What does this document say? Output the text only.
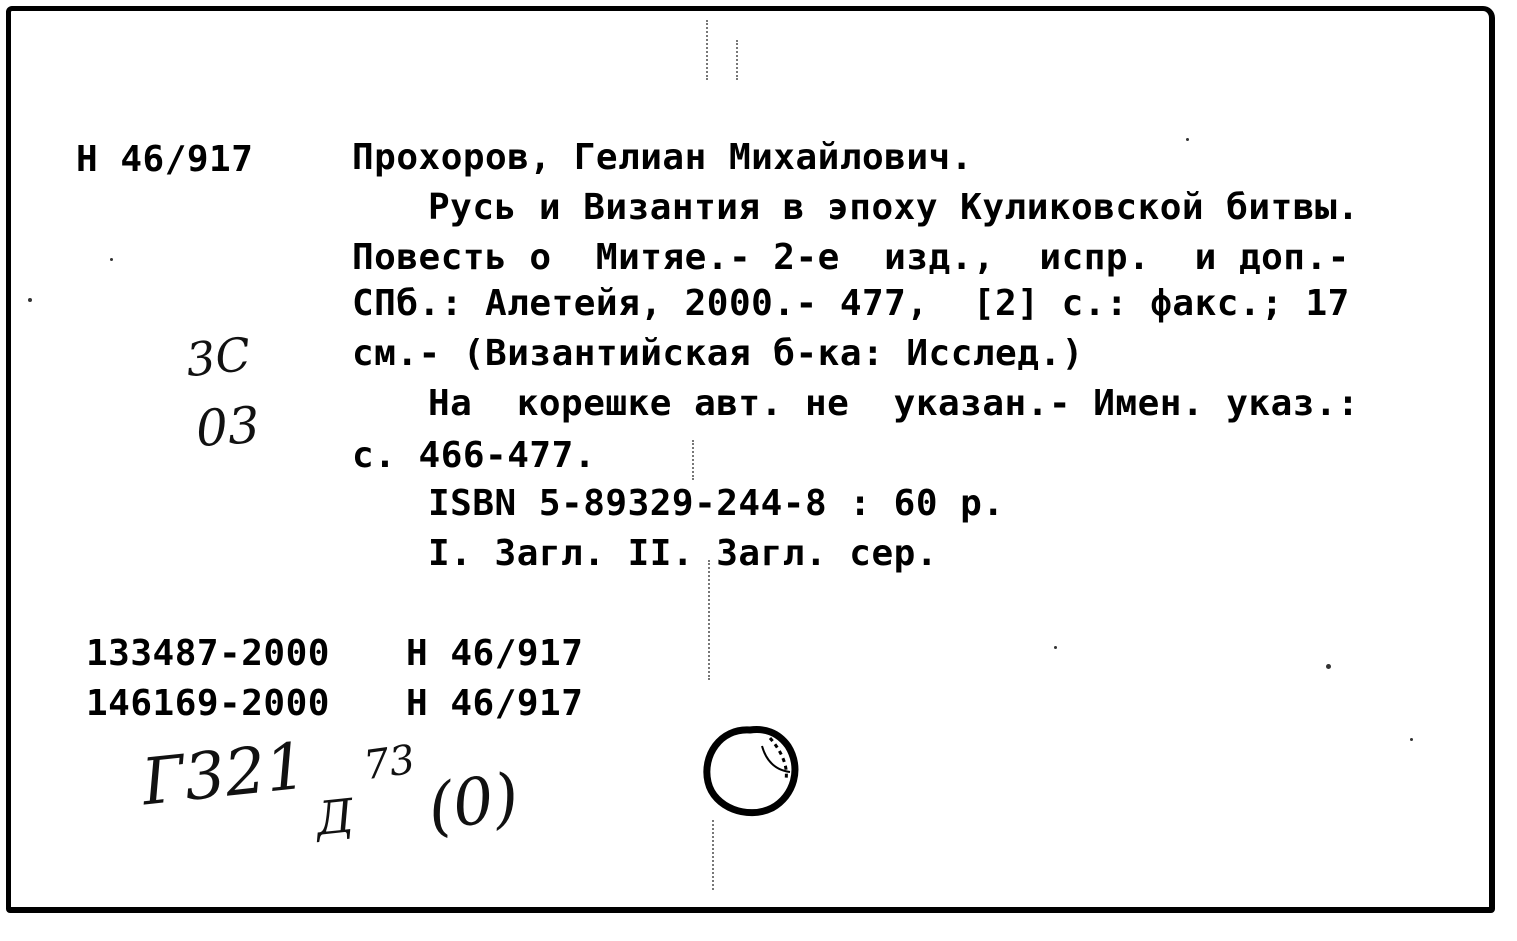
Н 46/917	Прохоров, Гелиан Михайлович.
Русь и Византия в эпоху Куликовской битвы.
Повесть о  Митяе.- 2-е  изд.,  испр.  и доп.-
СПб.: Алетейя, 2000.- 477,  [2] с.: факс.; 17
см.- (Византийская б-ка: Исслед.)
На  корешке авт. не  указан.- Имен. указ.:
с. 466-477.
ISBN 5-89329-244-8 : 60 р.
I. Загл. II. Загл. сер.
133487-2000 Н 46/917
146169-2000 Н 46/917
3С
03
Г321 Д
73 (0)
